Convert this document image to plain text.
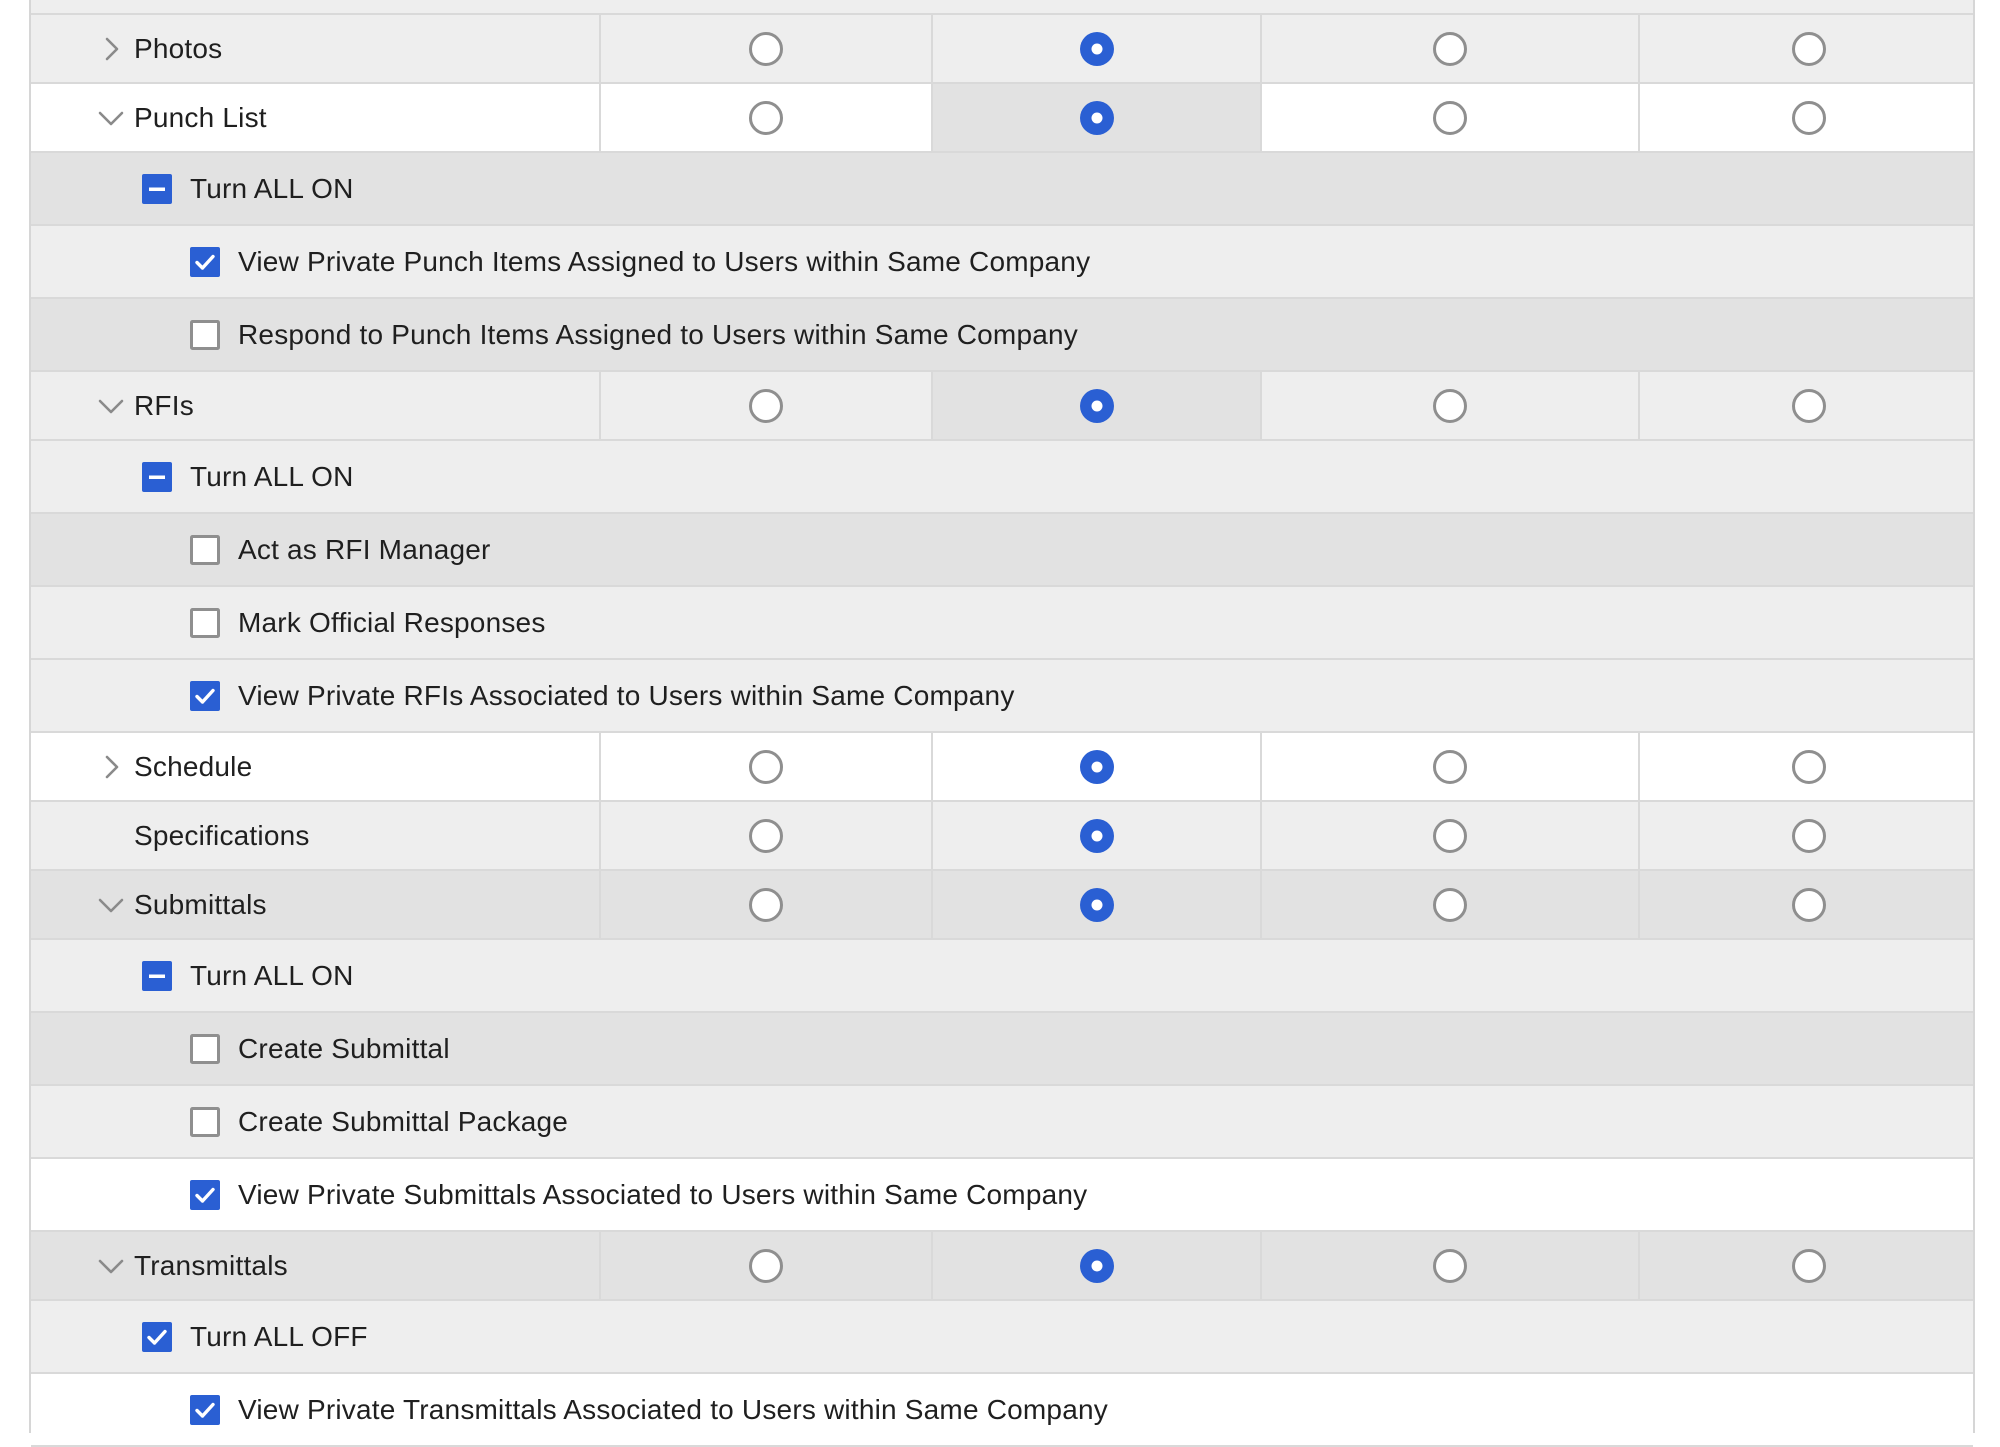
Photos
Punch List
Turn ALL ON
View Private Punch Items Assigned to Users within Same Company
Respond to Punch Items Assigned to Users within Same Company
RFIs
Turn ALL ON
Act as RFI Manager
Mark Official Responses
View Private RFIs Associated to Users within Same Company
Schedule
Specifications
Submittals
Turn ALL ON
Create Submittal
Create Submittal Package
View Private Submittals Associated to Users within Same Company
Transmittals
Turn ALL OFF
View Private Transmittals Associated to Users within Same Company
